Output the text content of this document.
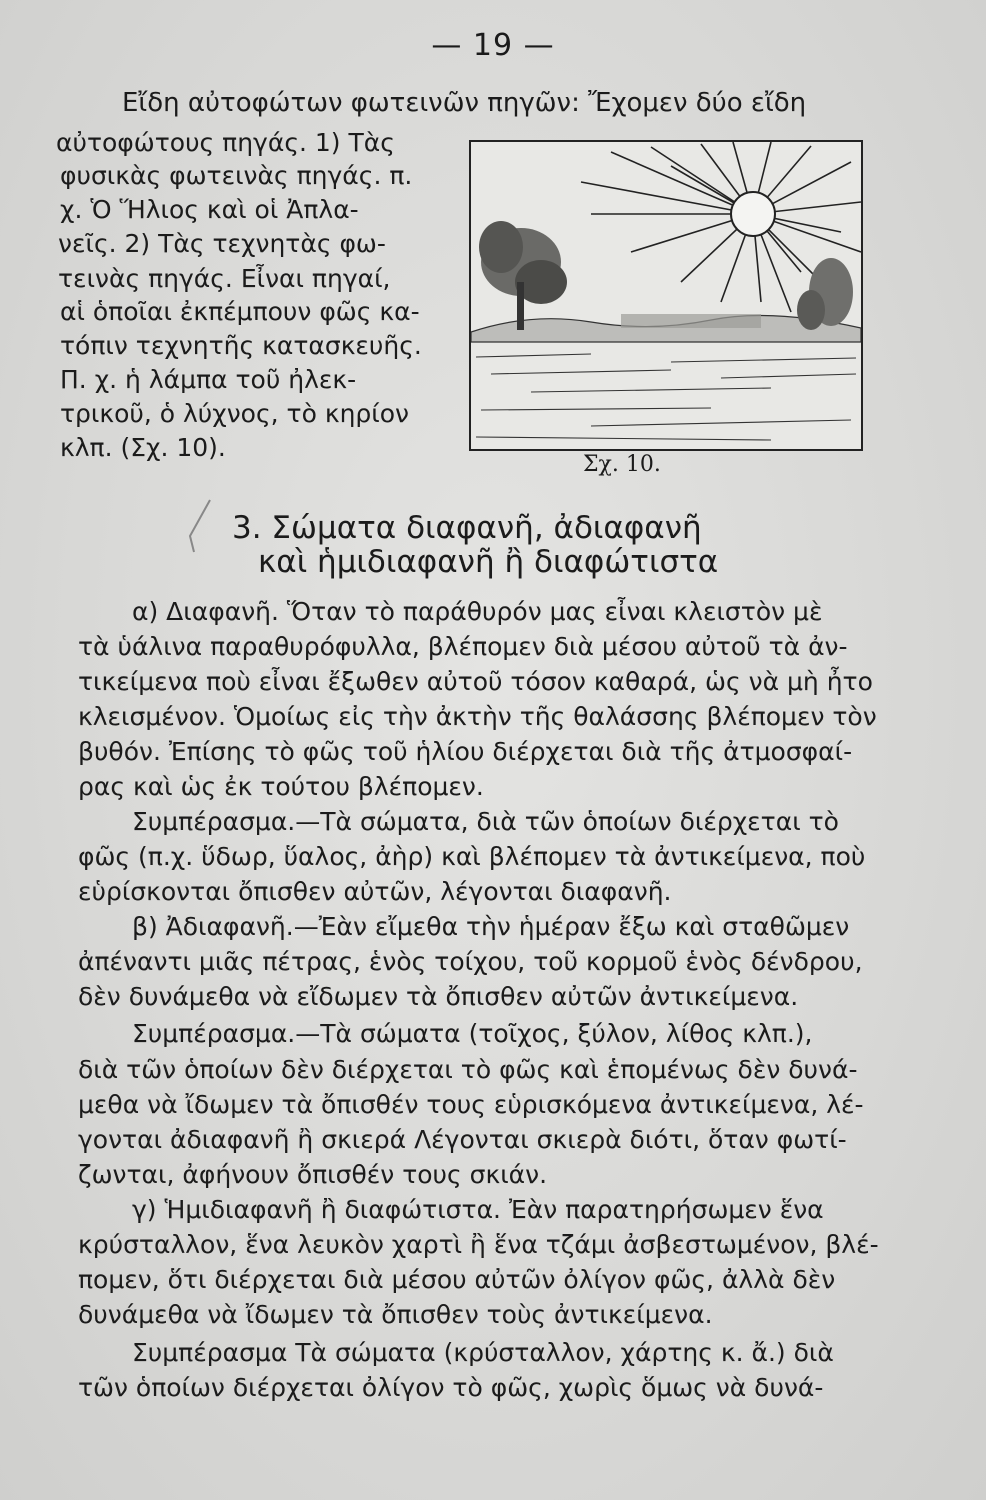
— 19 —
Εἴδη αὐτοφώτων φωτεινῶν πηγῶν: Ἔχομεν δύο εἴδη
αὐτοφώτους πηγάς. 1) Τὰς
φυσικὰς φωτεινὰς πηγάς. π.
χ. Ὁ Ἥλιος καὶ οἱ Ἀπλα-
νεῖς. 2) Τὰς τεχνητὰς φω-
τεινὰς πηγάς. Εἶναι πηγαί,
αἱ ὁποῖαι ἐκπέμπουν φῶς κα-
τόπιν τεχνητῆς κατασκευῆς.
Π. χ. ἡ λάμπα τοῦ ἠλεκ-
τρικοῦ, ὁ λύχνος, τὸ κηρίον
κλπ. (Σχ. 10).
Σχ. 10.
3. Σώματα διαφανῆ, ἀδιαφανῆ
καὶ ἡμιδιαφανῆ ἢ διαφώτιστα
α) Διαφανῆ. Ὅταν τὸ παράθυρόν μας εἶναι κλειστὸν μὲ
τὰ ὑάλινα παραθυρόφυλλα, βλέπομεν διὰ μέσου αὐτοῦ τὰ ἀν-
τικείμενα ποὺ εἶναι ἔξωθεν αὐτοῦ τόσον καθαρά, ὡς νὰ μὴ ἦτο
κλεισμένον. Ὁμοίως εἰς τὴν ἀκτὴν τῆς θαλάσσης βλέπομεν τὸν
βυθόν. Ἐπίσης τὸ φῶς τοῦ ἡλίου διέρχεται διὰ τῆς ἀτμοσφαί-
ρας καὶ ὡς ἐκ τούτου βλέπομεν.
Συμπέρασμα.—Τὰ σώματα, διὰ τῶν ὁποίων διέρχεται τὸ
φῶς (π.χ. ὕδωρ, ὕαλος, ἀὴρ) καὶ βλέπομεν τὰ ἀντικείμενα, ποὺ
εὑρίσκονται ὄπισθεν αὐτῶν, λέγονται διαφανῆ.
β) Ἀδιαφανῆ.—Ἐὰν εἴμεθα τὴν ἡμέραν ἔξω καὶ σταθῶμεν
ἀπέναντι μιᾶς πέτρας, ἑνὸς τοίχου, τοῦ κορμοῦ ἑνὸς δένδρου,
δὲν δυνάμεθα νὰ εἴδωμεν τὰ ὄπισθεν αὐτῶν ἀντικείμενα.
Συμπέρασμα.—Τὰ σώματα (τοῖχος, ξύλον, λίθος κλπ.),
διὰ τῶν ὁποίων δὲν διέρχεται τὸ φῶς καὶ ἑπομένως δὲν δυνά-
μεθα νὰ ἴδωμεν τὰ ὄπισθέν τους εὑρισκόμενα ἀντικείμενα, λέ-
γονται ἀδιαφανῆ ἢ σκιερά Λέγονται σκιερὰ διότι, ὅταν φωτί-
ζωνται, ἀφήνουν ὄπισθέν τους σκιάν.
γ) Ἡμιδιαφανῆ ἢ διαφώτιστα. Ἐὰν παρατηρήσωμεν ἕνα
κρύσταλλον, ἕνα λευκὸν χαρτὶ ἢ ἕνα τζάμι ἀσβεστωμένον, βλέ-
πομεν, ὅτι διέρχεται διὰ μέσου αὐτῶν ὀλίγον φῶς, ἀλλὰ δὲν
δυνάμεθα νὰ ἴδωμεν τὰ ὄπισθεν τοὺς ἀντικείμενα.
Συμπέρασμα Τὰ σώματα (κρύσταλλον, χάρτης κ. ἄ.) διὰ
τῶν ὁποίων διέρχεται ὀλίγον τὸ φῶς, χωρὶς ὅμως νὰ δυνά-
